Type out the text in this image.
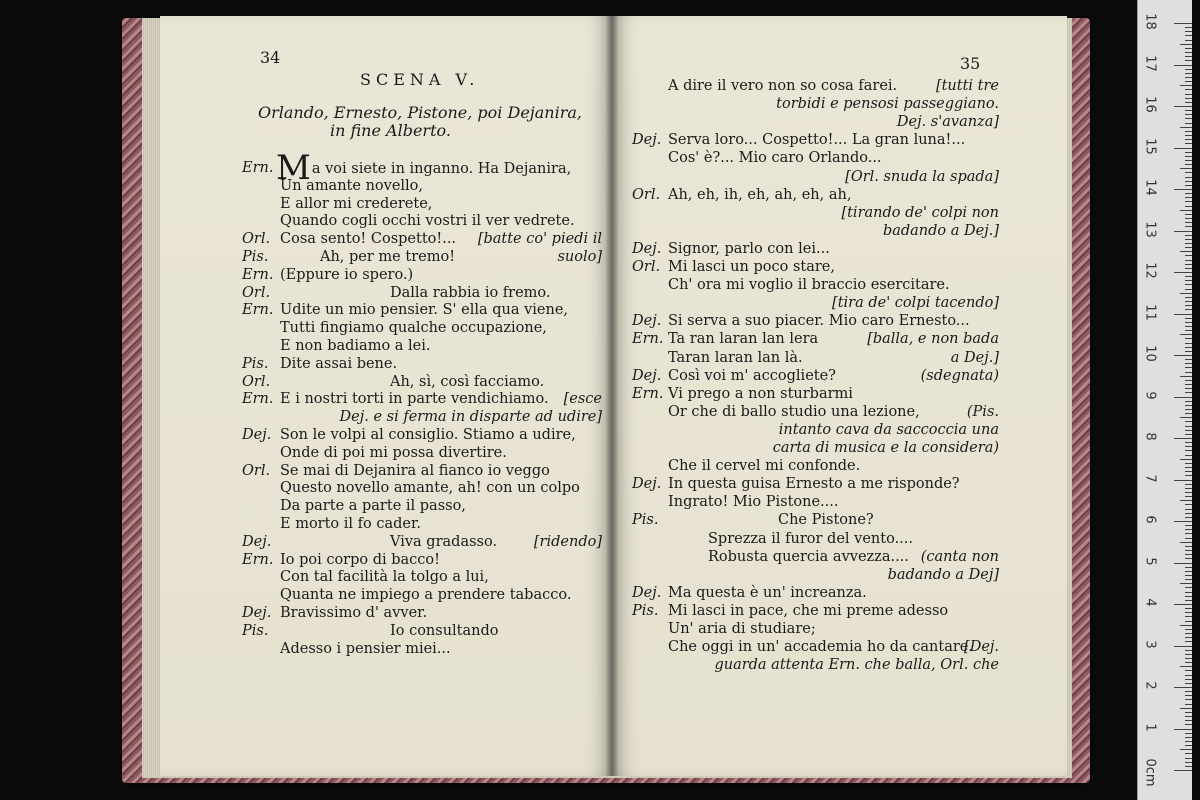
34
SCENA V.
Orlando, Ernesto, Pistone, poi Dejanira,
in fine Alberto.
Ern. Ma voi siete in inganno. Ha Dejanira,
Un amante novello,
E allor mi crederete,
Quando cogli occhi vostri il ver vedrete.
Orl. Cosa sento! Cospetto!... [batte co' piedi il
Pis.	Ah, per me tremo!	suolo]
Ern. (Eppure io spero.)
Orl.	Dalla rabbia io fremo.
Ern. Udite un mio pensier. S' ella qua viene,
Tutti fingiamo qualche occupazione,
E non badiamo a lei.
Pis. Dite assai bene.
Orl.	Ah, sì, così facciamo.
Ern. E i nostri torti in parte vendichiamo. [esce
Dej. e si ferma in disparte ad udire]
Dej. Son le volpi al consiglio. Stiamo a udire,
Onde di poi mi possa divertire.
Orl. Se mai di Dejanira al fianco io veggo
Questo novello amante, ah! con un colpo
Da parte a parte il passo,
E morto il fo cader.
Dej.	Viva gradasso.	[ridendo]
Ern. Io poi corpo di bacco!
Con tal facilità la tolgo a lui,
Quanta ne impiego a prendere tabacco.
Dej. Bravissimo d' avver.
Pis.	Io consultando
Adesso i pensier miei...
35
A dire il vero non so cosa farei.	[tutti tre
torbidi e pensosi passeggiano.
Dej. s'avanza]
Dej. Serva loro... Cospetto!... La gran luna!...
Cos' è?... Mio caro Orlando...
[Orl. snuda la spada]
Orl. Ah, eh, ih, eh, ah, eh, ah,
[tirando de' colpi non
badando a Dej.]
Dej. Signor, parlo con lei...
Orl. Mi lasci un poco stare,
Ch' ora mi voglio il braccio esercitare.
[tira de' colpi tacendo]
Dej. Si serva a suo piacer. Mio caro Ernesto...
Ern. Ta ran laran lan lera	[balla, e non bada
Taran laran lan là.	a Dej.]
Dej. Così voi m' accogliete?	(sdegnata)
Ern. Vi prego a non sturbarmi
Or che di ballo studio una lezione,	(Pis.
intanto cava da saccoccia una
carta di musica e la considera)
Che il cervel mi confonde.
Dej. In questa guisa Ernesto a me risponde?
Ingrato! Mio Pistone....
Pis.	Che Pistone?
Sprezza il furor del vento....
Robusta quercia avvezza.... (canta non
badando a Dej]
Dej. Ma questa è un' increanza.
Pis. Mi lasci in pace, che mi preme adesso
Un' aria di studiare;
Che oggi in un' accademia ho da cantare.
[Dej.
guarda attenta Ern. che balla, Orl. che
0cm
1
2
3
4
5
6
7
8
9
10
11
12
13
14
15
16
17
18
